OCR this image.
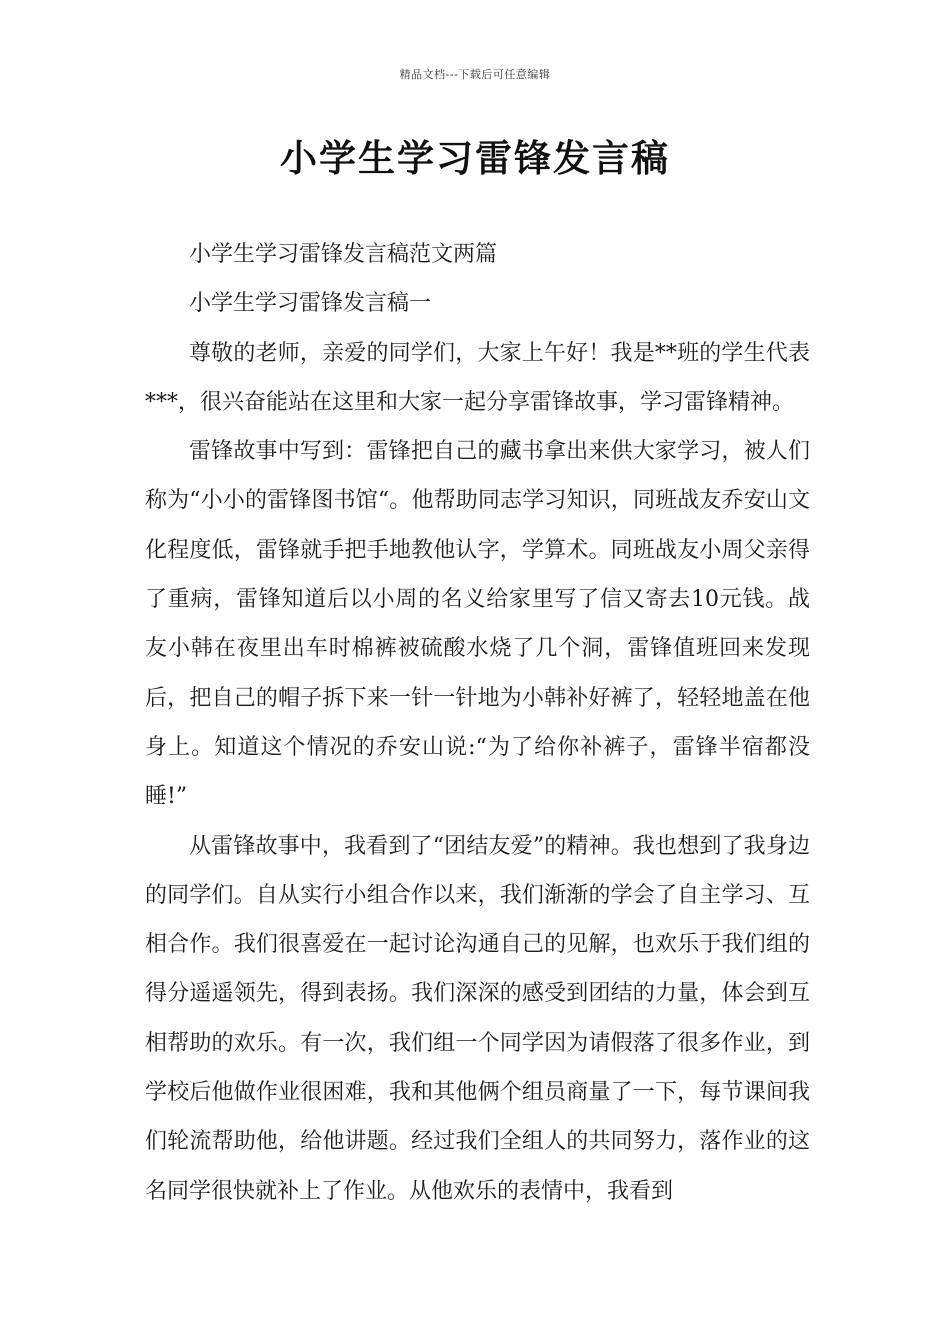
精品文档---下载后可任意编辑
小学生学习雷锋发言稿

小学生学习雷锋发言稿范文两篇

小学生学习雷锋发言稿一

尊敬的老师，亲爱的同学们，大家上午好！我是**班的学生代表***，很兴奋能站在这里和大家一起分享雷锋故事，学习雷锋精神。

雷锋故事中写到：雷锋把自己的藏书拿出来供大家学习，被人们称为“小小的雷锋图书馆“。他帮助同志学习知识，同班战友乔安山文化程度低，雷锋就手把手地教他认字，学算术。同班战友小周父亲得了重病，雷锋知道后以小周的名义给家里写了信又寄去10元钱。战友小韩在夜里出车时棉裤被硫酸水烧了几个洞，雷锋值班回来发现后，把自己的帽子拆下来一针一针地为小韩补好裤了，轻轻地盖在他身上。知道这个情况的乔安山说:“为了给你补裤子，雷锋半宿都没睡!”

从雷锋故事中，我看到了“团结友爱”的精神。我也想到了我身边的同学们。自从实行小组合作以来，我们渐渐的学会了自主学习、互相合作。我们很喜爱在一起讨论沟通自己的见解，也欢乐于我们组的得分遥遥领先，得到表扬。我们深深的感受到团结的力量，体会到互相帮助的欢乐。有一次，我们组一个同学因为请假落了很多作业，到学校后他做作业很困难，我和其他俩个组员商量了一下，每节课间我们轮流帮助他，给他讲题。经过我们全组人的共同努力，落作业的这名同学很快就补上了作业。从他欢乐的表情中，我看到
